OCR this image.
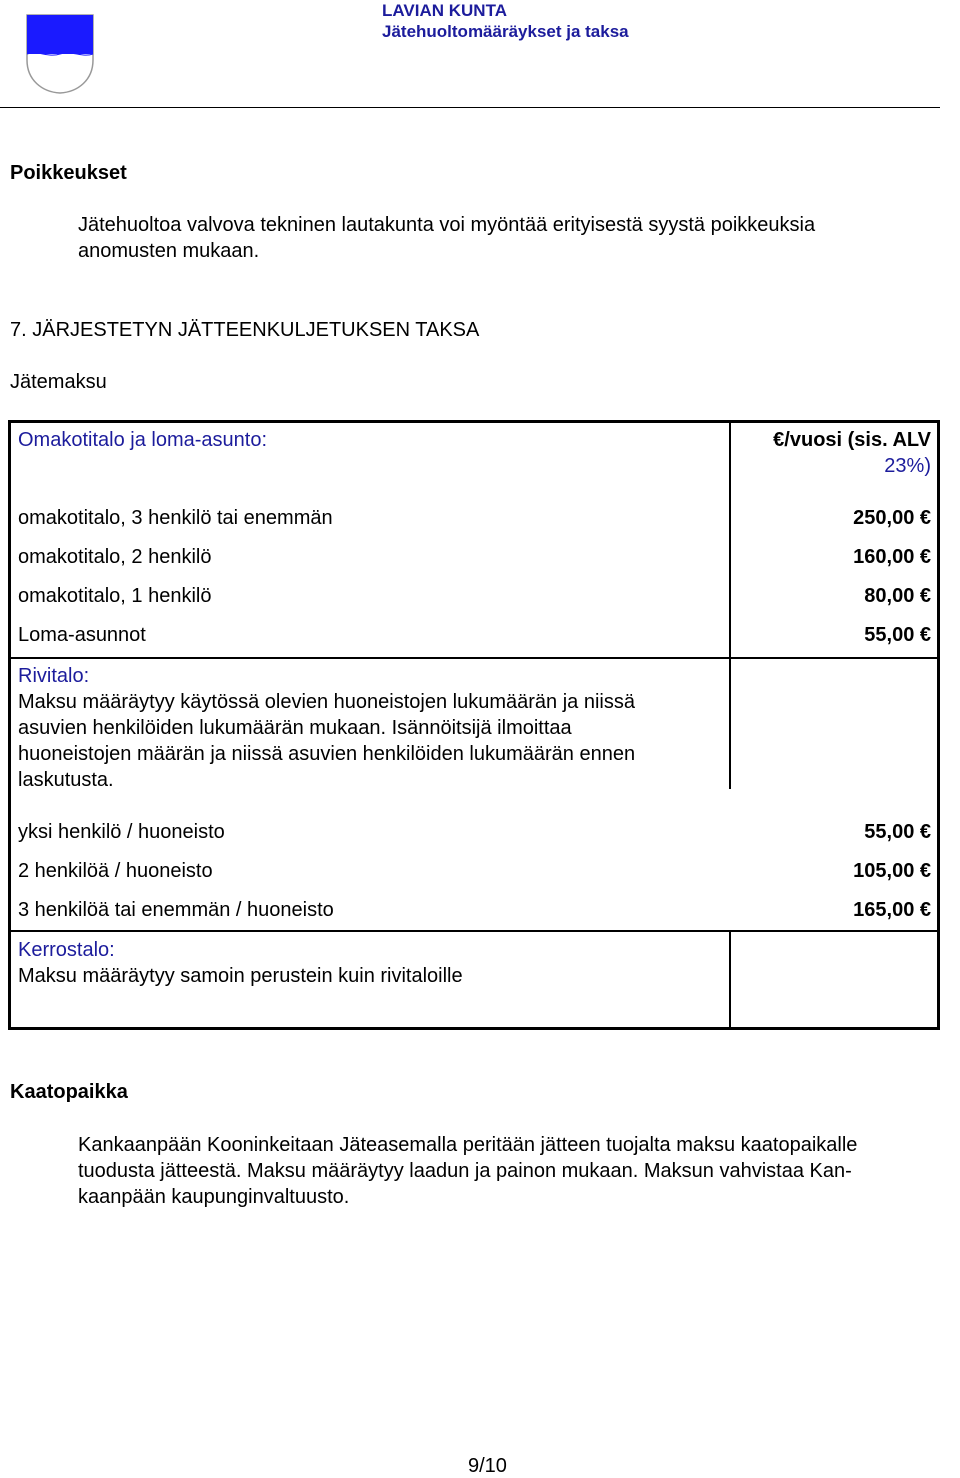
LAVIAN KUNTA
Jätehuoltomääräykset ja taksa
Poikkeukset
Jätehuoltoa valvova tekninen lautakunta voi myöntää erityisestä syystä poikkeuksia
anomusten mukaan.
7. JÄRJESTETYN JÄTTEENKULJETUKSEN TAKSA
Jätemaksu
Omakotitalo ja loma-asunto:	€/vuosi (sis. ALV
23%)
omakotitalo, 3 henkilö tai enemmän	250,00 €
omakotitalo, 2 henkilö	160,00 €
omakotitalo, 1 henkilö	80,00 €
Loma-asunnot	55,00 €
Rivitalo:
Maksu määräytyy käytössä olevien huoneistojen lukumäärän ja niissä
asuvien henkilöiden lukumäärän mukaan. Isännöitsijä ilmoittaa
huoneistojen määrän ja niissä asuvien henkilöiden lukumäärän ennen
laskutusta.
yksi henkilö / huoneisto	55,00 €
2 henkilöä / huoneisto	105,00 €
3 henkilöä tai enemmän / huoneisto	165,00 €
Kerrostalo:
Maksu määräytyy samoin perustein kuin rivitaloille
Kaatopaikka
Kankaanpään Kooninkeitaan Jäteasemalla peritään jätteen tuojalta maksu kaatopaikalle
tuodusta jätteestä. Maksu määräytyy laadun ja painon mukaan. Maksun vahvistaa Kan-
kaanpään kaupunginvaltuusto.
9/10
